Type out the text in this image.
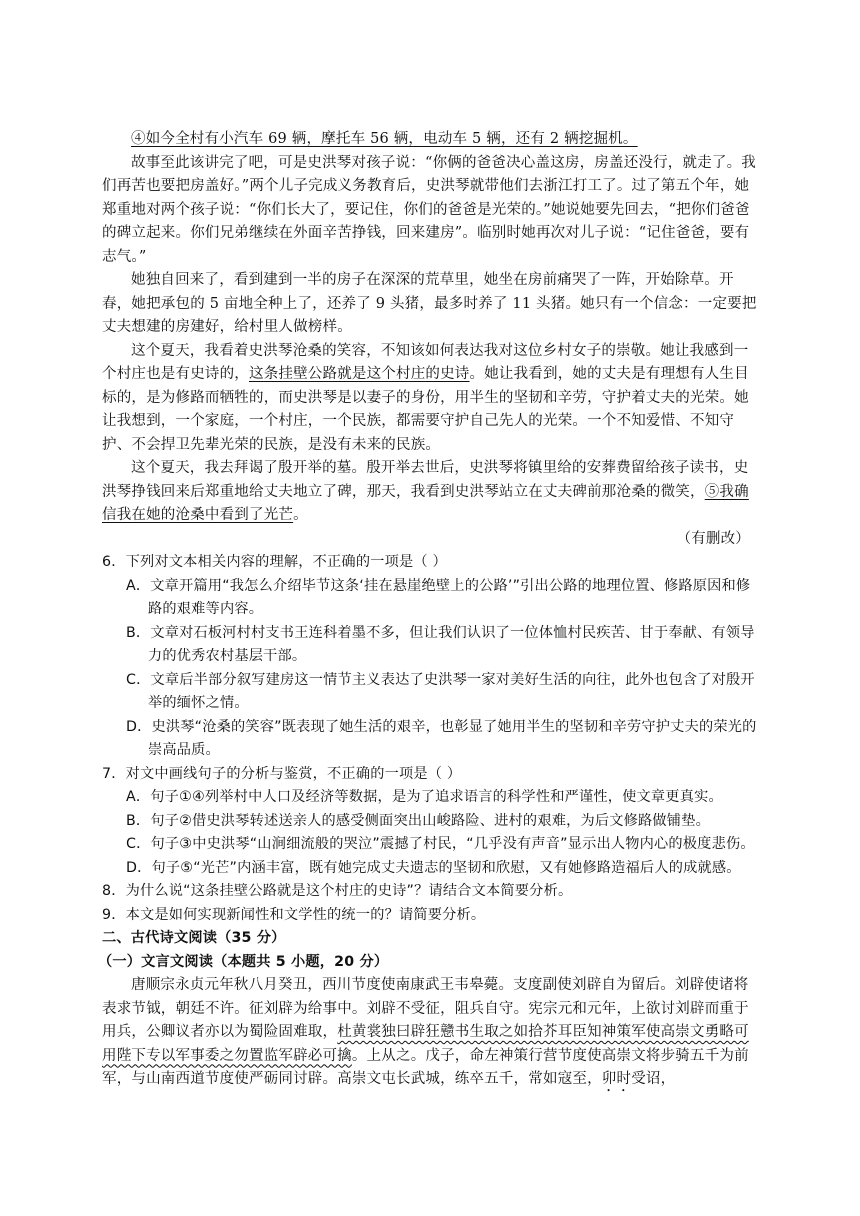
④如今全村有小汽车 69 辆，摩托车 56 辆，电动车 5 辆，还有 2 辆挖掘机。

故事至此该讲完了吧，可是史洪琴对孩子说：“你俩的爸爸决心盖这房，房盖还没行，就走了。我们再苦也要把房盖好。”两个儿子完成义务教育后，史洪琴就带他们去浙江打工了。过了第五个年，她郑重地对两个孩子说：“你们长大了，要记住，你们的爸爸是光荣的。”她说她要先回去，“把你们爸爸的碑立起来。你们兄弟继续在外面辛苦挣钱，回来建房”。临别时她再次对儿子说：“记住爸爸，要有志气。”

她独自回来了，看到建到一半的房子在深深的荒草里，她坐在房前痛哭了一阵，开始除草。开春，她把承包的 5 亩地全种上了，还养了 9 头猪，最多时养了 11 头猪。她只有一个信念：一定要把丈夫想建的房建好，给村里人做榜样。

这个夏天，我看着史洪琴沧桑的笑容，不知该如何表达我对这位乡村女子的崇敬。她让我感到一个村庄也是有史诗的，这条挂壁公路就是这个村庄的史诗。她让我看到，她的丈夫是有理想有人生目标的，是为修路而牺牲的，而史洪琴是以妻子的身份，用半生的坚韧和辛劳，守护着丈夫的光荣。她让我想到，一个家庭，一个村庄，一个民族，都需要守护自己先人的光荣。一个不知爱惜、不知守护、不会捍卫先辈光荣的民族，是没有未来的民族。

这个夏天，我去拜谒了殷开举的墓。殷开举去世后，史洪琴将镇里给的安葬费留给孩子读书，史洪琴挣钱回来后郑重地给丈夫地立了碑，那天，我看到史洪琴站立在丈夫碑前那沧桑的微笑，⑤我确信我在她的沧桑中看到了光芒。

（有删改）

6．下列对文本相关内容的理解，不正确的一项是（ ）

A．文章开篇用“我怎么介绍毕节这条‘挂在悬崖绝壁上的公路’”引出公路的地理位置、修路原因和修路的艰难等内容。

B．文章对石板河村村支书王连科着墨不多，但让我们认识了一位体恤村民疾苦、甘于奉献、有领导力的优秀农村基层干部。

C．文章后半部分叙写建房这一情节主义表达了史洪琴一家对美好生活的向往，此外也包含了对殷开举的缅怀之情。

D．史洪琴“沧桑的笑容”既表现了她生活的艰辛，也彰显了她用半生的坚韧和辛劳守护丈夫的荣光的崇高品质。

7．对文中画线句子的分析与鉴赏，不正确的一项是（ ）

A．句子①④列举村中人口及经济等数据，是为了追求语言的科学性和严谨性，使文章更真实。

B．句子②借史洪琴转述送亲人的感受侧面突出山峻路险、进村的艰难，为后文修路做铺垫。

C．句子③中史洪琴“山涧细流般的哭泣”震撼了村民，“几乎没有声音”显示出人物内心的极度悲伤。

D．句子⑤“光芒”内涵丰富，既有她完成丈夫遗志的坚韧和欣慰，又有她修路造福后人的成就感。

8．为什么说“这条挂壁公路就是这个村庄的史诗”？请结合文本简要分析。

9．本文是如何实现新闻性和文学性的统一的？请简要分析。

二、古代诗文阅读（35 分）

（一）文言文阅读（本题共 5 小题，20 分）

唐顺宗永贞元年秋八月癸丑，西川节度使南康武王韦皋薨。支度副使刘辟自为留后。刘辟使诸将表求节钺，朝廷不许。征刘辟为给事中。刘辟不受征，阻兵自守。宪宗元和元年，上欲讨刘辟而重于用兵，公卿议者亦以为蜀险固难取，杜黄裳独曰辟狂戆书生取之如拾芥耳臣知神策军使高崇文勇略可用陛下专以军事委之勿置监军辟必可擒。上从之。戊子，命左神策行营节度使高崇文将步骑五千为前军，与山南西道节度使严砺同讨辟。高崇文屯长武城，练卒五千，常如寇至，卯时受诏，
